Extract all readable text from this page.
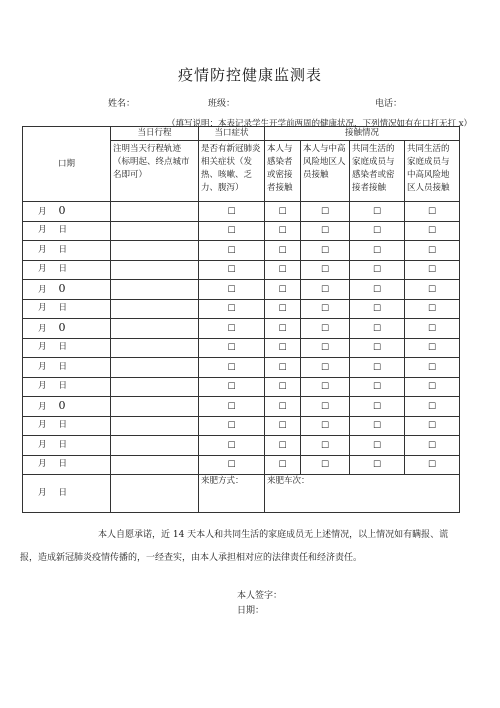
疫情防控健康监测表
姓名：	班级：	电话：
（填写说明：本表记录学生开学前两周的健康状况，下列情况如有在口打无打 x）
口期	当日行程	当口症状	接触情况			
	注明当天行程轨迹（标明起、终点城市名即可）	是否有新冠肺炎相关症状（发热、咳嗽、乏力、腹泻）	本人与感染者或密接者接触	本人与中高风险地区人员接触	共同生活的家庭成员与感染者或密接者接触	共同生活的家庭成员与中高风险地区人员接触
月 0		□	□	□	□	□
月 日		□	□	□	□	□
月 日		□	□	□	□	□
月 日		□	□	□	□	□
月 0		□	□	□	□	□
月 日		□	□	□	□	□
月 0		□	□	□	□	□
月 日		□	□	□	□	□
月 日		□	□	□	□	□
月 日		□	□	□	□	□
月 0		□	□	□	□	□
月 日		□	□	□	□	□
月 日		□	□	□	□	□
月 日		□	□	□	□	□
月 日		来肥方式：	来肥车次：			
本人自愿承诺，近 14 天本人和共同生活的家庭成员无上述情况，以上情况如有瞒报、谎
报，造成新冠肺炎疫情传播的，一经查实，由本人承担相对应的法律责任和经济责任。
本人签字：
日期：
